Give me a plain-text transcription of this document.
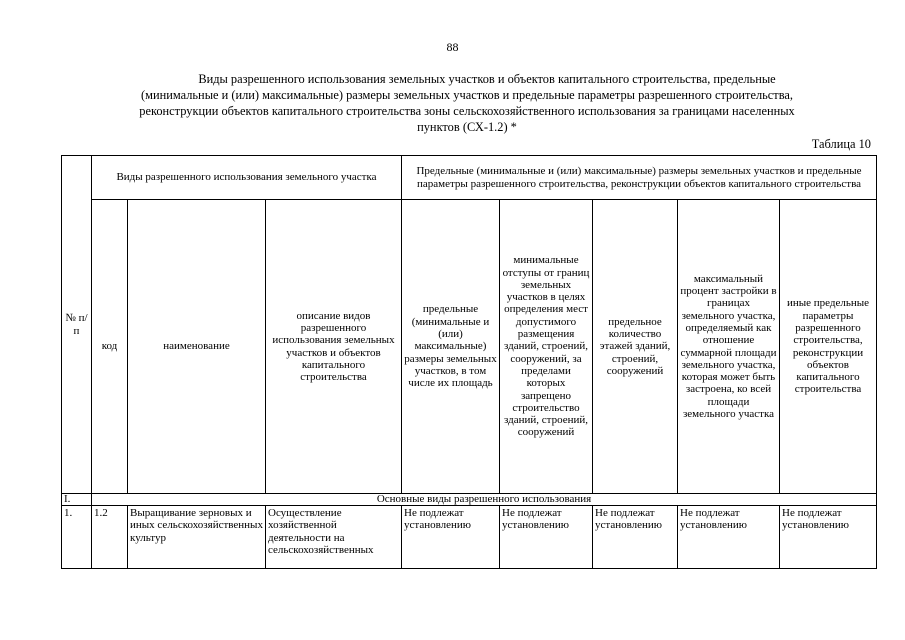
88
Виды разрешенного использования земельных участков и объектов капитального строительства, предельные
(минимальные и (или) максимальные) размеры земельных участков и предельные параметры разрешенного строительства,
реконструкции объектов капитального строительства зоны сельскохозяйственного использования за границами населенных
пунктов (СХ-1.2) *
Таблица 10
№ п/п	Виды разрешенного использования земельного участка			Предельные (минимальные и (или) максимальные) размеры земельных участков и предельные параметры разрешенного строительства, реконструкции объектов капитального строительства				
	код	наименование	описание видов разрешенного использования земельных участков и объектов капитального строительства	предельные (минимальные и (или) максимальные) размеры земельных участков, в том числе их площадь	минимальные отступы от границ земельных участков в целях определения мест допустимого размещения зданий, строений, сооружений, за пределами которых запрещено строительство зданий, строений, сооружений	предельное количество этажей зданий, строений, сооружений	максимальный процент застройки в границах земельного участка, определяемый как отношение суммарной площади земельного участка, которая может быть застроена, ко всей площади земельного участка	иные предельные параметры разрешенного строительства, реконструкции объектов капитального строительства
I.	Основные виды разрешенного использования							
1.	1.2	Выращивание зерновых и иных сельскохозяйственных культур	Осуществление хозяйственной деятельности на сельскохозяйственных	Не подлежат установлению	Не подлежат установлению	Не подлежат установлению	Не подлежат установлению	Не подлежат установлению
